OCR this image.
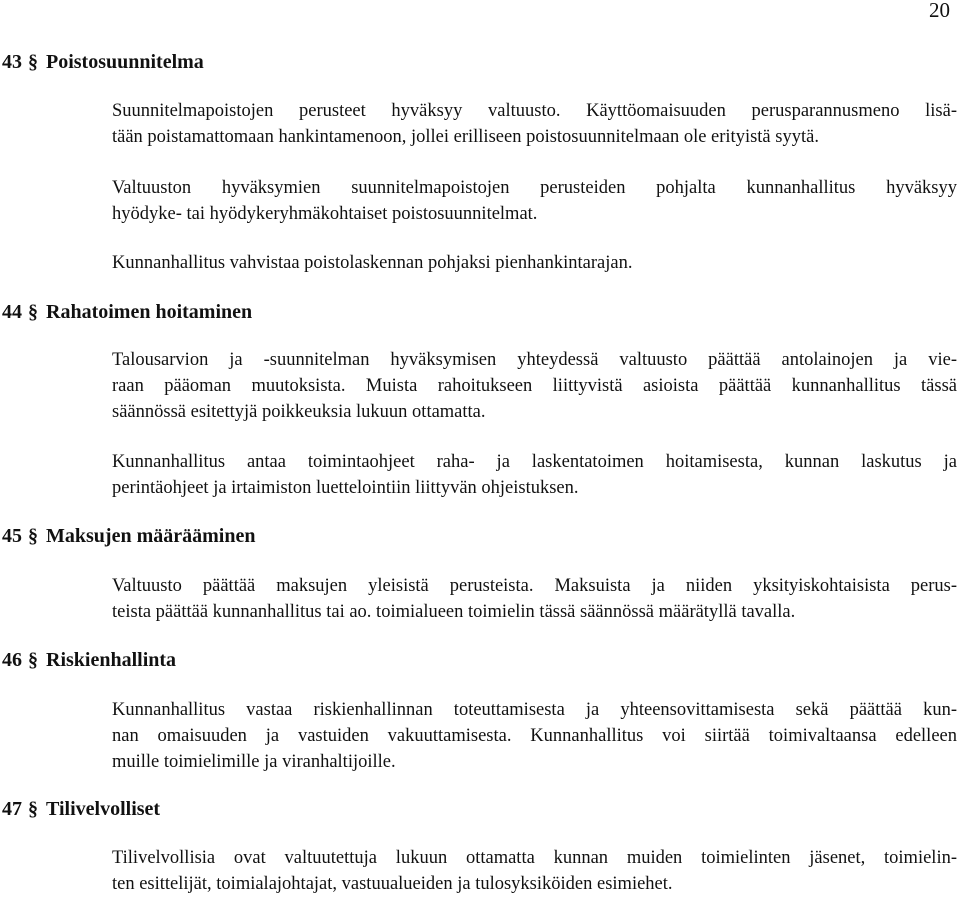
20
43 § Poistosuunnitelma
Suunnitelmapoistojen perusteet hyväksyy valtuusto. Käyttöomaisuuden perusparannusmeno lisä-
tään poistamattomaan hankintamenoon, jollei erilliseen poistosuunnitelmaan ole erityistä syytä.
Valtuuston hyväksymien suunnitelmapoistojen perusteiden pohjalta kunnanhallitus hyväksyy
hyödyke- tai hyödykeryhmäkohtaiset poistosuunnitelmat.
Kunnanhallitus vahvistaa poistolaskennan pohjaksi pienhankintarajan.
44 § Rahatoimen hoitaminen
Talousarvion ja -suunnitelman hyväksymisen yhteydessä valtuusto päättää antolainojen ja vie-
raan pääoman muutoksista. Muista rahoitukseen liittyvistä asioista päättää kunnanhallitus tässä
säännössä esitettyjä poikkeuksia lukuun ottamatta.
Kunnanhallitus antaa toimintaohjeet raha- ja laskentatoimen hoitamisesta, kunnan laskutus ja
perintäohjeet ja irtaimiston luettelointiin liittyvän ohjeistuksen.
45 § Maksujen määrääminen
Valtuusto päättää maksujen yleisistä perusteista. Maksuista ja niiden yksityiskohtaisista perus-
teista päättää kunnanhallitus tai ao. toimialueen toimielin tässä säännössä määrätyllä tavalla.
46 § Riskienhallinta
Kunnanhallitus vastaa riskienhallinnan toteuttamisesta ja yhteensovittamisesta sekä päättää kun-
nan omaisuuden ja vastuiden vakuuttamisesta. Kunnanhallitus voi siirtää toimivaltaansa edelleen
muille toimielimille ja viranhaltijoille.
47 § Tilivelvolliset
Tilivelvollisia ovat valtuutettuja lukuun ottamatta kunnan muiden toimielinten jäsenet, toimielin-
ten esittelijät, toimialajohtajat, vastuualueiden ja tulosyksiköiden esimiehet.
